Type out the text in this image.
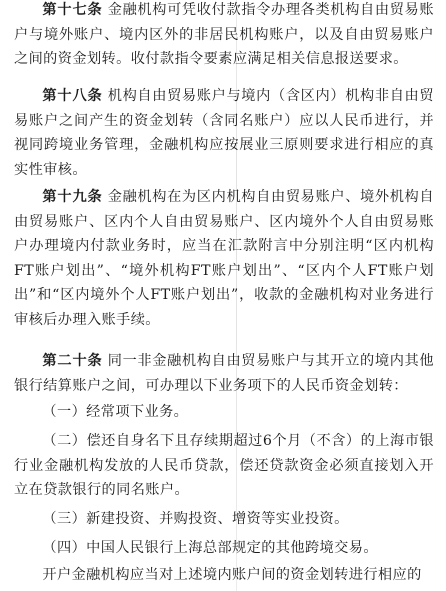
第十七条 金融机构可凭收付款指令办理各类机构自由贸易账户与境外账户、境内区外的非居民机构账户，以及自由贸易账户之间的资金划转。收付款指令要素应满足相关信息报送要求。

第十八条 机构自由贸易账户与境内（含区内）机构非自由贸易账户之间产生的资金划转（含同名账户）应以人民币进行，并视同跨境业务管理，金融机构应按展业三原则要求进行相应的真实性审核。

第十九条 金融机构在为区内机构自由贸易账户、境外机构自由贸易账户、区内个人自由贸易账户、区内境外个人自由贸易账户办理境内付款业务时，应当在汇款附言中分别注明“区内机构FT账户划出”、“境外机构FT账户划出”、“区内个人FT账户划出”和“区内境外个人FT账户划出”，收款的金融机构对业务进行审核后办理入账手续。

第二十条 同一非金融机构自由贸易账户与其开立的境内其他银行结算账户之间，可办理以下业务项下的人民币资金划转：

（一）经常项下业务。

（二）偿还自身名下且存续期超过6个月（不含）的上海市银行业金融机构发放的人民币贷款，偿还贷款资金必须直接划入开立在贷款银行的同名账户。

（三）新建投资、并购投资、增资等实业投资。

（四）中国人民银行上海总部规定的其他跨境交易。

开户金融机构应当对上述境内账户间的资金划转进行相应的
